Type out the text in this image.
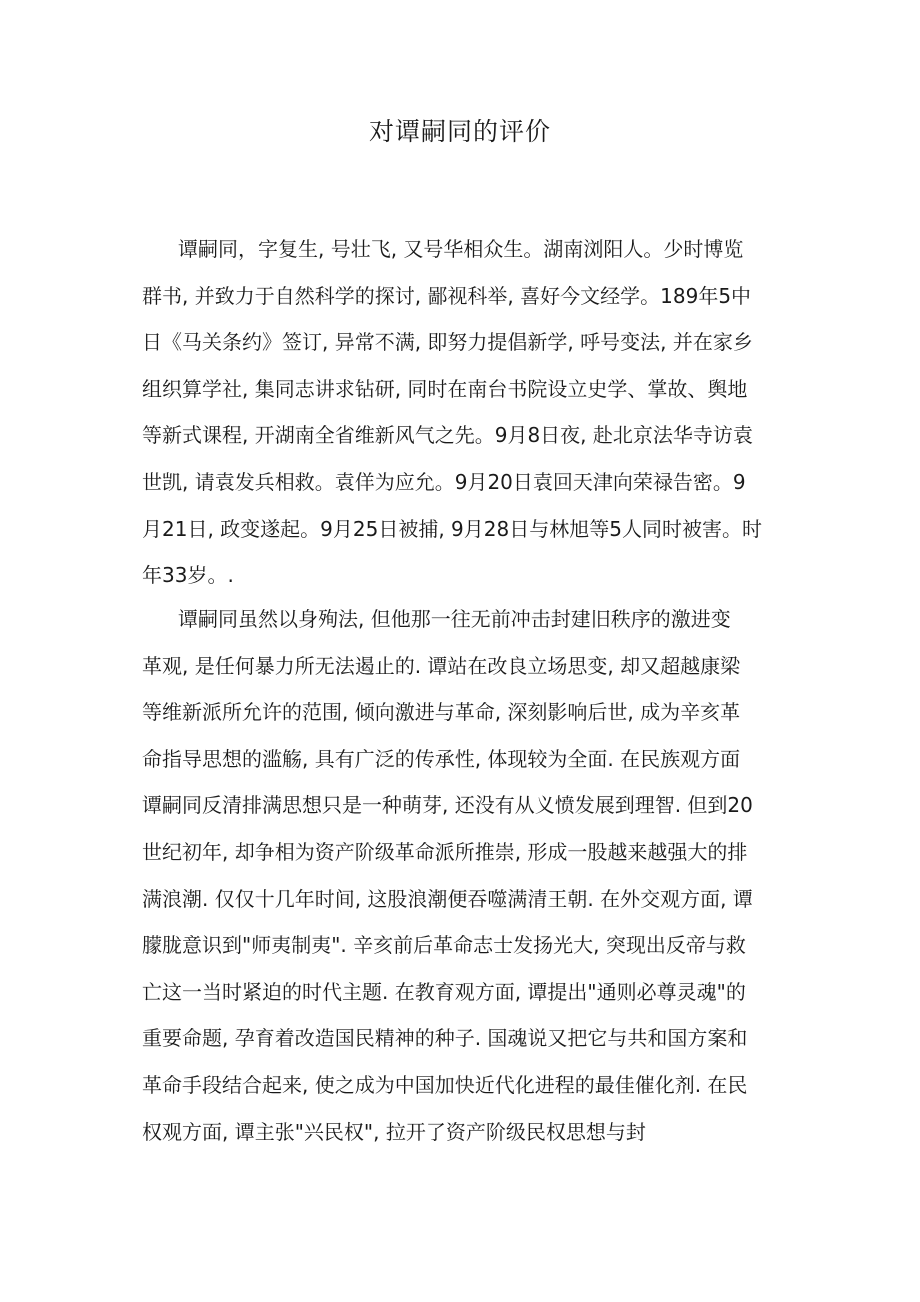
对谭嗣同的评价
谭嗣同，字复生, 号壮飞, 又号华相众生。湖南浏阳人。少时博览
群书, 并致力于自然科学的探讨, 鄙视科举, 喜好今文经学。189年5中
日《马关条约》签订, 异常不满, 即努力提倡新学, 呼号变法, 并在家乡
组织算学社, 集同志讲求钻研, 同时在南台书院设立史学、掌故、舆地
等新式课程, 开湖南全省维新风气之先。9月8日夜, 赴北京法华寺访袁
世凯, 请袁发兵相救。袁佯为应允。9月20日袁回天津向荣禄告密。9
月21日, 政变遂起。9月25日被捕, 9月28日与林旭等5人同时被害。时
年33岁。.
谭嗣同虽然以身殉法, 但他那一往无前冲击封建旧秩序的激进变
革观, 是任何暴力所无法遏止的. 谭站在改良立场思变, 却又超越康梁
等维新派所允许的范围, 倾向激进与革命, 深刻影响后世, 成为辛亥革
命指导思想的滥觞, 具有广泛的传承性, 体现较为全面. 在民族观方面
谭嗣同反清排满思想只是一种萌芽, 还没有从义愤发展到理智. 但到20
世纪初年, 却争相为资产阶级革命派所推崇, 形成一股越来越强大的排
满浪潮. 仅仅十几年时间, 这股浪潮便吞噬满清王朝. 在外交观方面, 谭
朦胧意识到"师夷制夷". 辛亥前后革命志士发扬光大, 突现出反帝与救
亡这一当时紧迫的时代主题. 在教育观方面, 谭提出"通则必尊灵魂"的
重要命题, 孕育着改造国民精神的种子. 国魂说又把它与共和国方案和
革命手段结合起来, 使之成为中国加快近代化进程的最佳催化剂. 在民
权观方面, 谭主张"兴民权", 拉开了资产阶级民权思想与封
